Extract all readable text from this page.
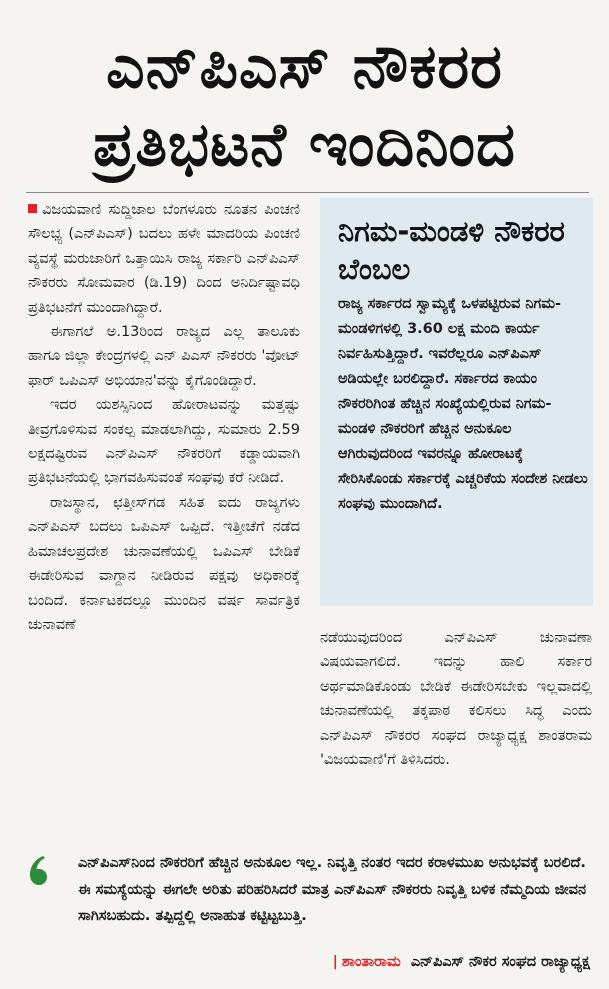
ಎನ್‌ಪಿಎಸ್ ನೌಕರರ
ಪ್ರತಿಭಟನೆ ಇಂದಿನಿಂದ

ವಿಜಯವಾಣಿ ಸುದ್ದಿಜಾಲ ಬೆಂಗಳೂರು ನೂತನ ಪಿಂಚಣಿ ಸೌಲಭ್ಯ (ಎನ್‌ಪಿಎಸ್) ಬದಲು ಹಳೇ ಮಾದರಿಯ ಪಿಂಚಣಿ ವ್ಯವಸ್ಥೆ ಮರುಜಾರಿಗೆ ಒತ್ತಾಯಿಸಿ ರಾಜ್ಯ ಸರ್ಕಾರಿ ಎನ್‌ಪಿಎಸ್ ನೌಕರರು ಸೋಮವಾರ (ಡಿ.19) ದಿಂದ ಅನಿರ್ದಿಷ್ಟಾವಧಿ ಪ್ರತಿಭಟನೆಗೆ ಮುಂದಾಗಿದ್ದಾರೆ.

ಈಗಾಗಲೆ ಅ.13ರಿಂದ ರಾಜ್ಯದ ಎಲ್ಲ ತಾಲೂಕು ಹಾಗೂ ಜಿಲ್ಲಾ ಕೇಂದ್ರಗಳಲ್ಲಿ ಎನ್ ಪಿಎಸ್ ನೌಕರರು 'ವೋಟ್ ಫಾರ್ ಒಪಿಎಸ್ ಅಭಿಯಾನ'ವನ್ನು ಕೈಗೊಂಡಿದ್ದಾರೆ.

ಇದರ ಯಶಸ್ಸಿನಿಂದ ಹೋರಾಟವನ್ನು ಮತ್ತಷ್ಟು ತೀವ್ರಗೊಳಿಸುವ ಸಂಕಲ್ಪ ಮಾಡಲಾಗಿದ್ದು, ಸುಮಾರು 2.59 ಲಕ್ಷದಷ್ಟಿರುವ ಎನ್‌ಪಿಎಸ್ ನೌಕರರಿಗೆ ಕಡ್ಡಾಯವಾಗಿ ಪ್ರತಿಭಟನೆಯಲ್ಲಿ ಭಾಗವಹಿಸುವಂತೆ ಸಂಘವು ಕರೆ ನೀಡಿದೆ.

ರಾಜಸ್ಥಾನ, ಛತ್ತೀಸ್‌ಗಡ ಸಹಿತ ಐದು ರಾಜ್ಯಗಳು ಎನ್‌ಪಿಎಸ್ ಬದಲು ಒಪಿಎಸ್ ಒಪ್ಪಿದೆ. ಇತ್ತೀಚೆಗೆ ನಡೆದ ಹಿಮಾಚಲಪ್ರದೇಶ ಚುನಾವಣೆಯಲ್ಲಿ ಒಪಿಎಸ್ ಬೇಡಿಕೆ ಈಡೇರಿಸುವ ವಾಗ್ದಾನ ನೀಡಿರುವ ಪಕ್ಷವು ಅಧಿಕಾರಕ್ಕೆ ಬಂದಿದೆ. ಕರ್ನಾಟಕದಲ್ಲೂ ಮುಂದಿನ ವರ್ಷ ಸಾರ್ವತ್ರಿಕ ಚುನಾವಣೆ

ನಿಗಮ-ಮಂಡಳಿ ನೌಕರರ ಬೆಂಬಲ
ರಾಜ್ಯ ಸರ್ಕಾರದ ಸ್ವಾಮ್ಯಕ್ಕೆ ಒಳಪಟ್ಟಿರುವ ನಿಗಮ-ಮಂಡಳಿಗಳಲ್ಲಿ 3.60 ಲಕ್ಷ ಮಂದಿ ಕಾರ್ಯ ನಿರ್ವಹಿಸುತ್ತಿದ್ದಾರೆ. ಇವರೆಲ್ಲರೂ ಎನ್‌ಪಿಎಸ್ ಅಡಿಯಲ್ಲೇ ಬರಲಿದ್ದಾರೆ. ಸರ್ಕಾರದ ಕಾಯಂ ನೌಕರರಿಗಿಂತ ಹೆಚ್ಚಿನ ಸಂಖ್ಯೆಯಲ್ಲಿರುವ ನಿಗಮ-ಮಂಡಳಿ ನೌಕರರಿಗೆ ಹೆಚ್ಚಿನ ಅನುಕೂಲ ಆಗಿರುವುದರಿಂದ ಇವರನ್ನೂ ಹೋರಾಟಕ್ಕೆ ಸೇರಿಸಿಕೊಂಡು ಸರ್ಕಾರಕ್ಕೆ ಎಚ್ಚರಿಕೆಯ ಸಂದೇಶ ನೀಡಲು ಸಂಘವು ಮುಂದಾಗಿದೆ.

ನಡೆಯುವುದರಿಂದ ಎನ್‌ಪಿಎಸ್ ಚುನಾವಣಾ ವಿಷಯವಾಗಲಿದೆ. ಇದನ್ನು ಹಾಲಿ ಸರ್ಕಾರ ಅರ್ಥಮಾಡಿಕೊಂಡು ಬೇಡಿಕೆ ಈಡೇರಿಸಬೇಕು ಇಲ್ಲವಾದಲ್ಲಿ ಚುನಾವಣೆಯಲ್ಲಿ ತಕ್ಕಪಾಠ ಕಲಿಸಲು ಸಿದ್ಧ ಎಂದು ಎನ್‌ಪಿಎಸ್ ನೌಕರರ ಸಂಘದ ರಾಜ್ಯಾಧ್ಯಕ್ಷ ಶಾಂತರಾಮ 'ವಿಜಯವಾಣಿ'ಗೆ ತಿಳಿಸಿದರು.

ಎನ್‌ಪಿಎಸ್‌ನಿಂದ ನೌಕರರಿಗೆ ಹೆಚ್ಚಿನ ಅನುಕೂಲ ಇಲ್ಲ. ನಿವೃತ್ತಿ ನಂತರ ಇದರ ಕರಾಳಮುಖ ಅನುಭವಕ್ಕೆ ಬರಲಿದೆ. ಈ ಸಮಸ್ಯೆಯನ್ನು ಈಗಲೇ ಅರಿತು ಪರಿಹರಿಸಿದರೆ ಮಾತ್ರ ಎನ್‌ಪಿಎಸ್ ನೌಕರರು ನಿವೃತ್ತಿ ಬಳಿಕ ನೆಮ್ಮದಿಯ ಜೀವನ ಸಾಗಿಸಬಹುದು. ತಪ್ಪಿದ್ದಲ್ಲಿ ಅನಾಹುತ ಕಟ್ಟಿಟ್ಟಬುತ್ತಿ.
| ಶಾಂತಾರಾಮ ಎನ್‌ಪಿಎಸ್ ನೌಕರ ಸಂಘದ ರಾಜ್ಯಾಧ್ಯಕ್ಷ
